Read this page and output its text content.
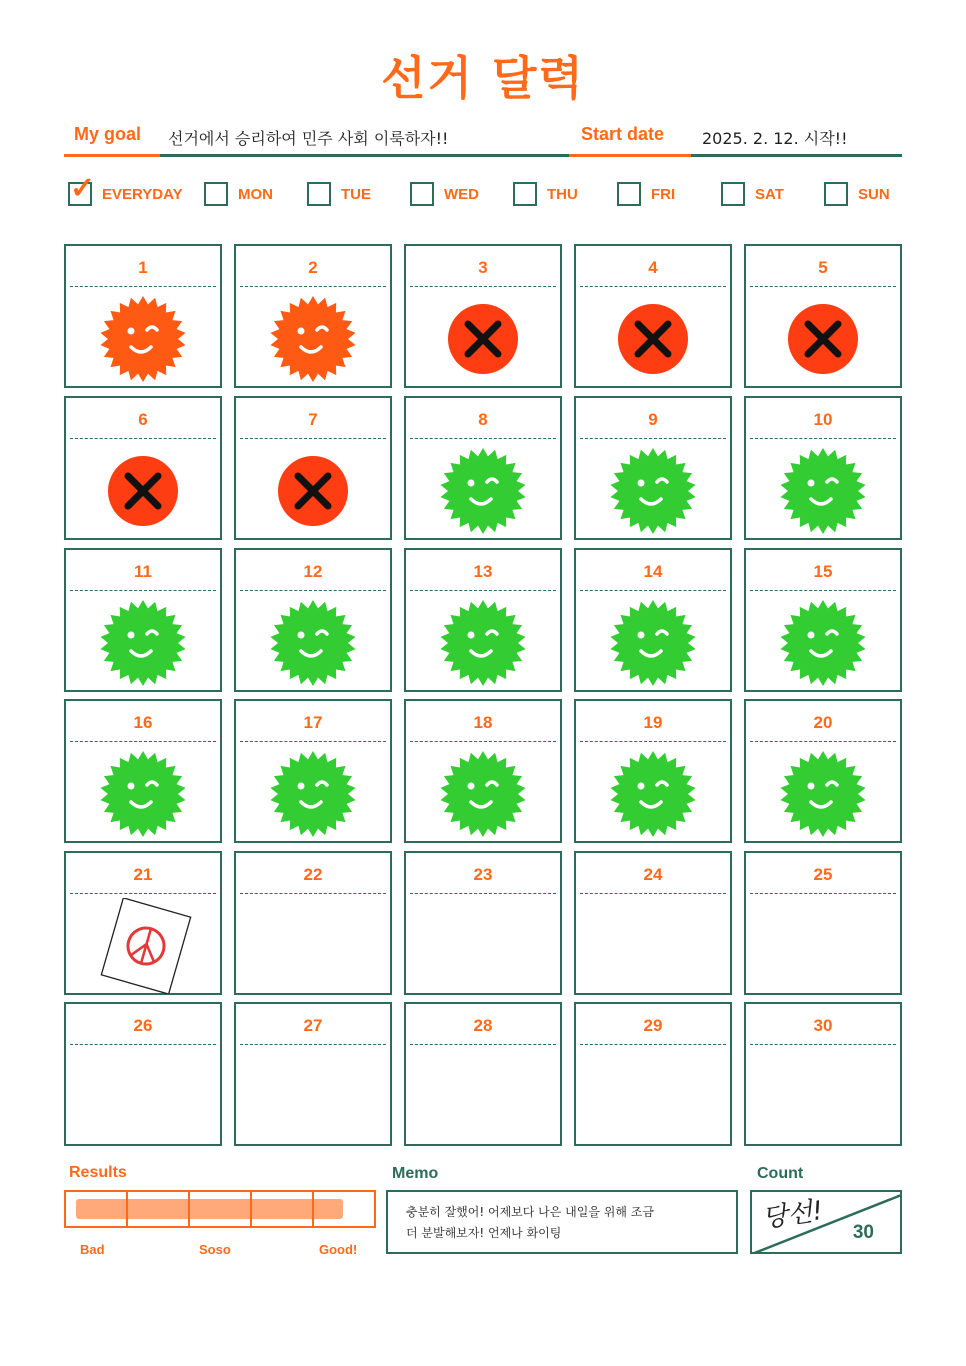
선거 달력
My goal 선거에서 승리하여 민주 사회 이룩하자!!	Start date 2025. 2. 12. 시작!!
✓ EVERYDAY	MON	TUE	WED	THU	FRI	SAT	SUN
1	2	3	4	5
6	7	8	9	10
11	12	13	14	15
16	17	18	19	20
21	22	23	24	25
26	27	28	29	30
Results
Bad	Soso	Good!
Memo
충분히 잘했어! 어제보다 나은 내일을 위해 조금
더 분발해보자! 언제나 화이팅
Count
당선! 30
